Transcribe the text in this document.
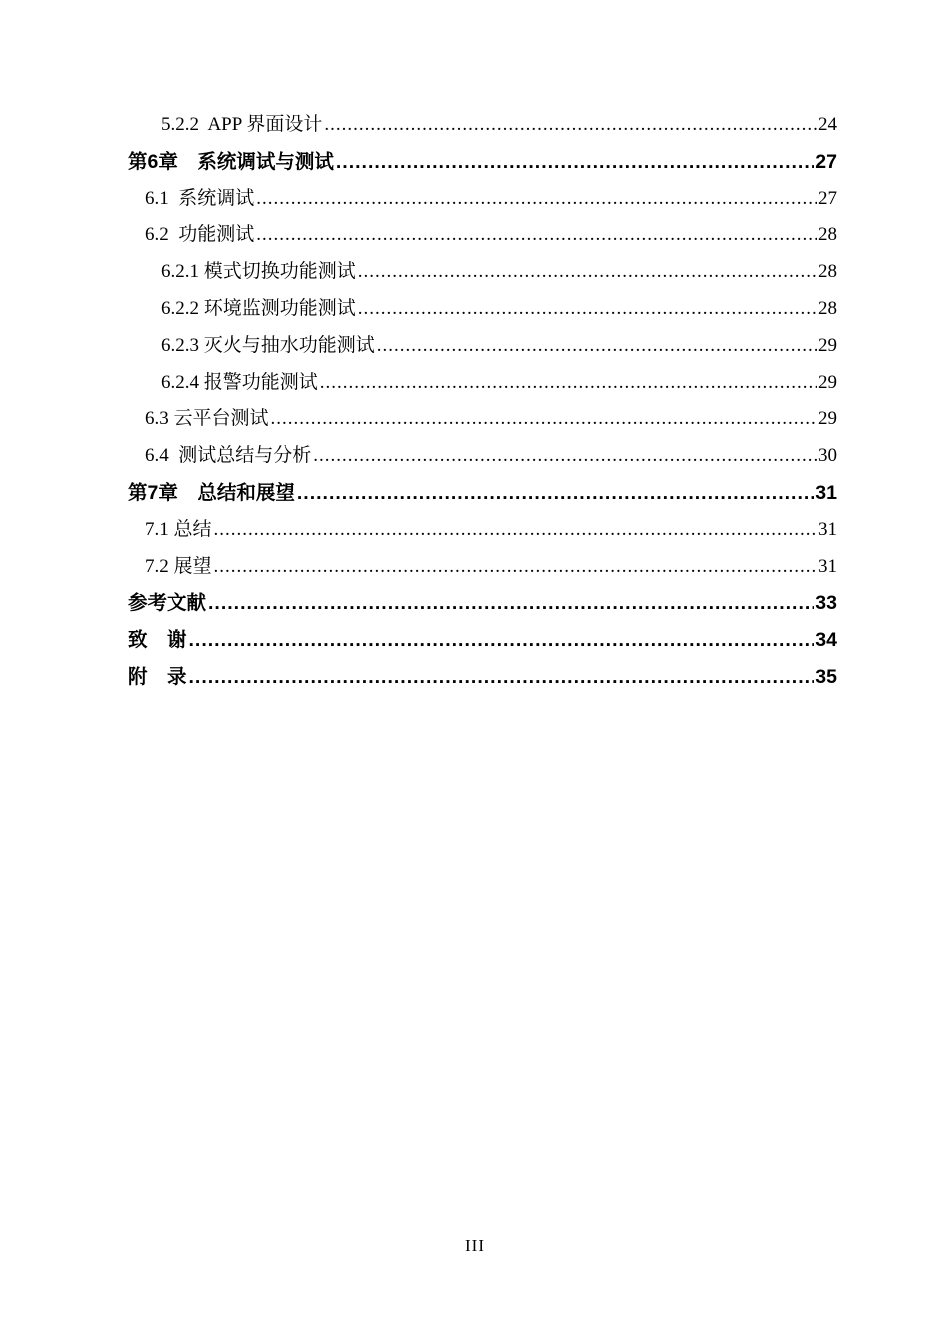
5.2.2  APP 界面设计 .....	24
第6章　系统调试与测试 .....	27
6.1  系统调试 .....	27
6.2  功能测试 .....	28
6.2.1 模式切换功能测试 .....	28
6.2.2 环境监测功能测试 .....	28
6.2.3 灭火与抽水功能测试 .....	29
6.2.4 报警功能测试 .....	29
6.3 云平台测试 .....	29
6.4  测试总结与分析 .....	30
第7章　总结和展望 .....	31
7.1 总结 .....	31
7.2 展望 .....	31
参考文献 .....	33
致　谢 .....	34
附　录 .....	35
III
